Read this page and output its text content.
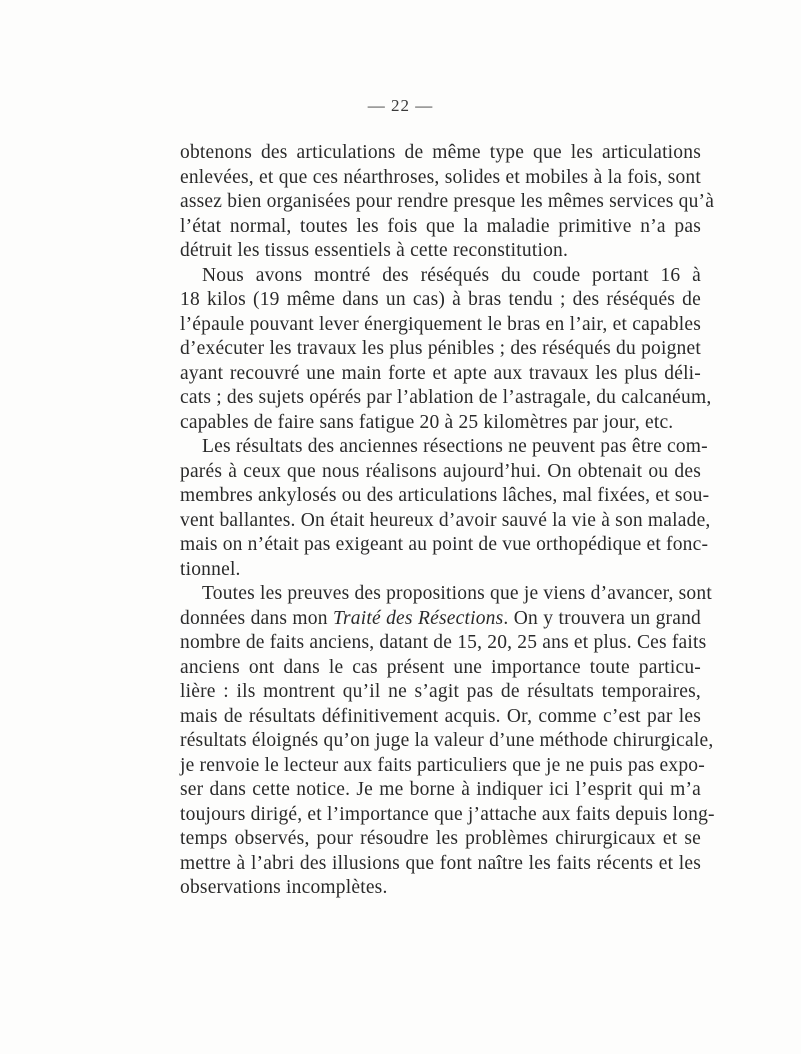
— 22 —
obtenons des articulations de même type que les articulations
enlevées, et que ces néarthroses, solides et mobiles à la fois, sont
assez bien organisées pour rendre presque les mêmes services qu’à
l’état normal, toutes les fois que la maladie primitive n’a pas
détruit les tissus essentiels à cette reconstitution.
Nous avons montré des réséqués du coude portant 16 à
18 kilos (19 même dans un cas) à bras tendu ; des réséqués de
l’épaule pouvant lever énergiquement le bras en l’air, et capables
d’exécuter les travaux les plus pénibles ; des réséqués du poignet
ayant recouvré une main forte et apte aux travaux les plus déli-
cats ; des sujets opérés par l’ablation de l’astragale, du calcanéum,
capables de faire sans fatigue 20 à 25 kilomètres par jour, etc.
Les résultats des anciennes résections ne peuvent pas être com-
parés à ceux que nous réalisons aujourd’hui. On obtenait ou des
membres ankylosés ou des articulations lâches, mal fixées, et sou-
vent ballantes. On était heureux d’avoir sauvé la vie à son malade,
mais on n’était pas exigeant au point de vue orthopédique et fonc-
tionnel.
Toutes les preuves des propositions que je viens d’avancer, sont
données dans mon Traité des Résections. On y trouvera un grand
nombre de faits anciens, datant de 15, 20, 25 ans et plus. Ces faits
anciens ont dans le cas présent une importance toute particu-
lière : ils montrent qu’il ne s’agit pas de résultats temporaires,
mais de résultats définitivement acquis. Or, comme c’est par les
résultats éloignés qu’on juge la valeur d’une méthode chirurgicale,
je renvoie le lecteur aux faits particuliers que je ne puis pas expo-
ser dans cette notice. Je me borne à indiquer ici l’esprit qui m’a
toujours dirigé, et l’importance que j’attache aux faits depuis long-
temps observés, pour résoudre les problèmes chirurgicaux et se
mettre à l’abri des illusions que font naître les faits récents et les
observations incomplètes.
